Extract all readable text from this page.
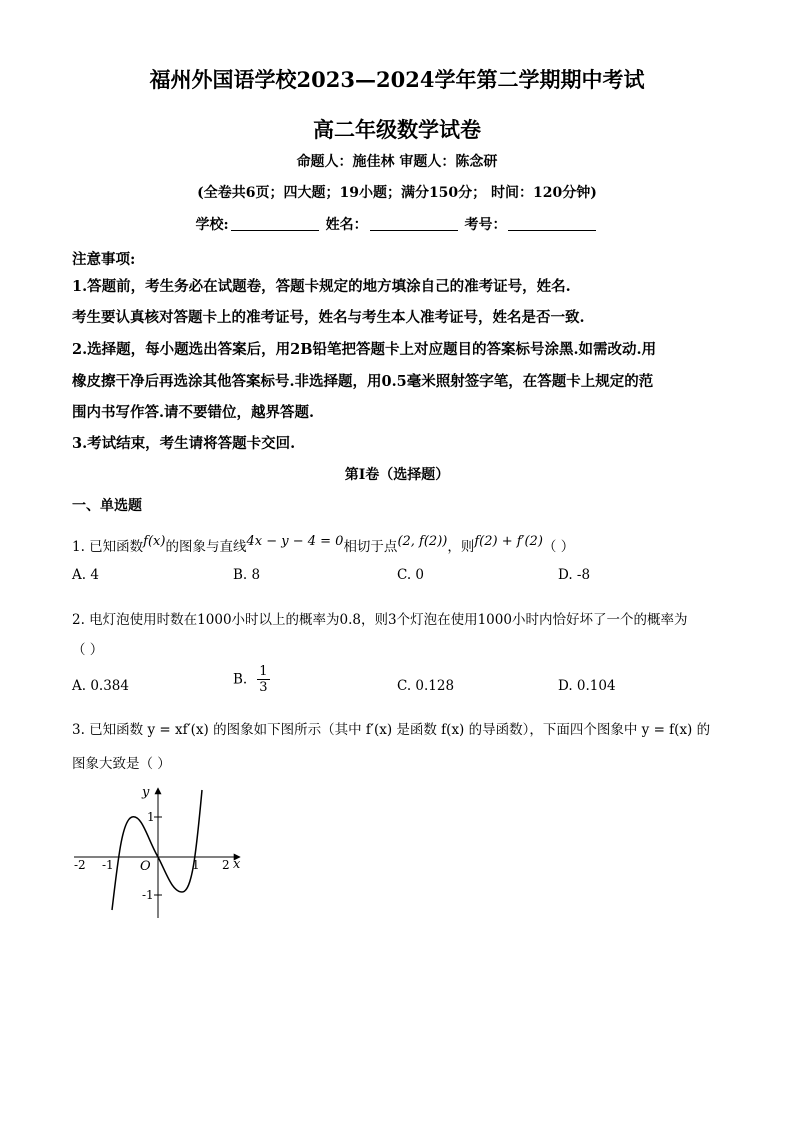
福州外国语学校2023—2024学年第二学期期中考试
高二年级数学试卷
命题人：施佳林 审题人：陈念研
(全卷共6页；四大题；19小题；满分150分； 时间：120分钟)
学校:	姓名：	考号：
注意事项:
1.答题前，考生务必在试题卷，答题卡规定的地方填涂自己的准考证号，姓名.
考生要认真核对答题卡上的准考证号，姓名与考生本人准考证号，姓名是否一致.
2.选择题，每小题选出答案后，用2B铅笔把答题卡上对应题目的答案标号涂黑.如需改动.用
橡皮擦干净后再选涂其他答案标号.非选择题，用0.5毫米照射签字笔，在答题卡上规定的范
围内书写作答.请不要错位，越界答题.
3.考试结束，考生请将答题卡交回.
第Ⅰ卷（选择题）
一、单选题
1. 已知函数f(x)的图象与直线4x − y − 4 = 0相切于点(2, f(2))，则f(2) + f′(2)（ ）
A. 4	B. 8	C. 0	D. -8
2. 电灯泡使用时数在1000小时以上的概率为0.8，则3个灯泡在使用1000小时内恰好坏了一个的概率为
（ ）
A. 0.384	B. $\frac{1}{3}$	C. 0.128	D. 0.104
3. 已知函数 y = xf′(x) 的图象如下图所示（其中 f′(x) 是函数 f(x) 的导函数），下面四个图象中 y = f(x) 的
图象大致是（ ）
y
x
O
1
-1
-2 -1	1 2
